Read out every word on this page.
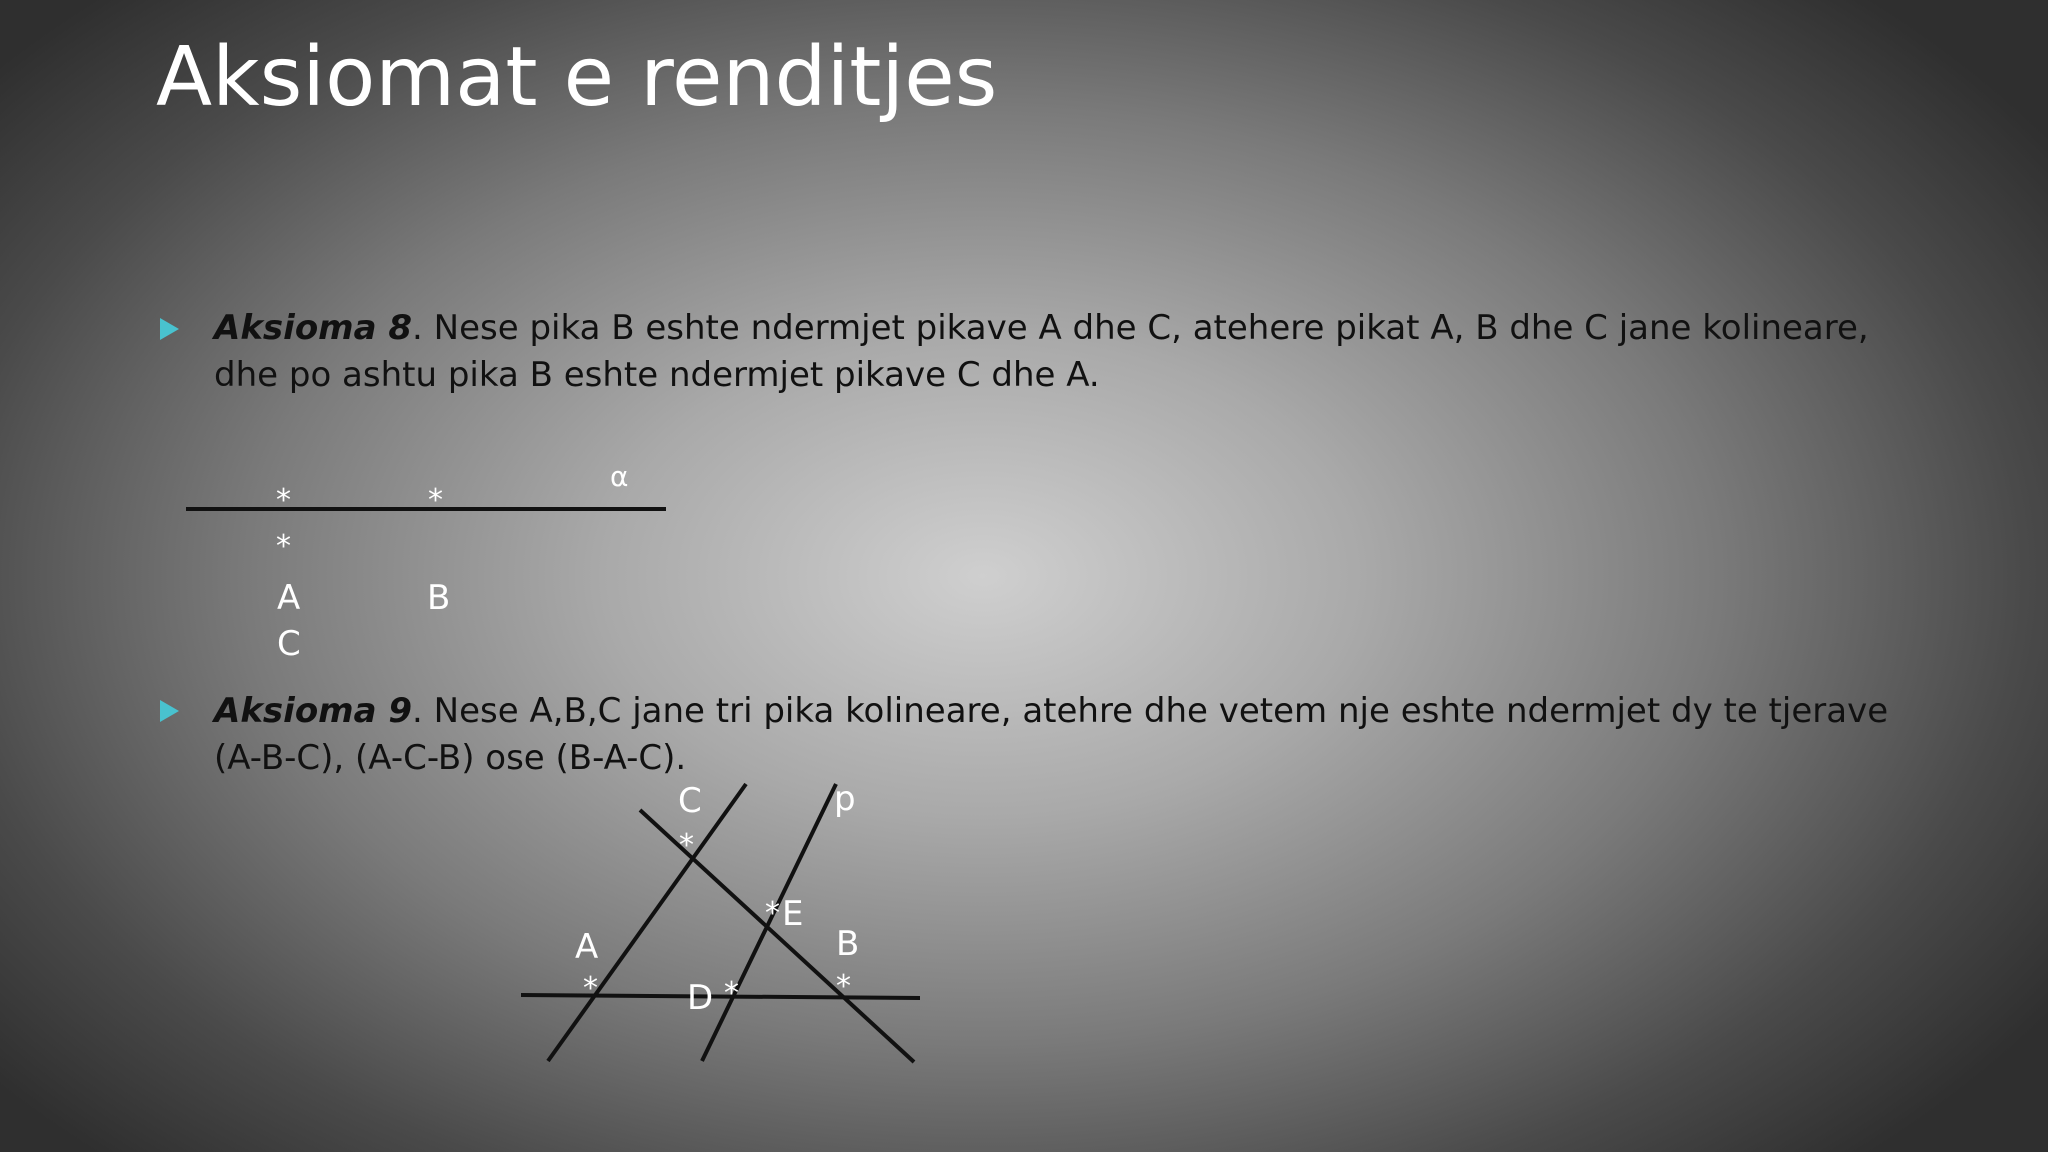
Aksiomat e renditjes
Aksioma 8. Nese pika B eshte ndermjet pikave A dhe C, atehere pikat A, B dhe C jane kolineare, dhe po ashtu pika B eshte ndermjet pikave C dhe A.
Aksioma 9. Nese A,B,C jane tri pika kolineare, atehre dhe vetem nje eshte ndermjet dy te tjerave (A-B-C), (A-C-B) ose (B-A-C).
α
*	*
*
A	B
C
C	p
*
* E
A	B
*	*
D *
